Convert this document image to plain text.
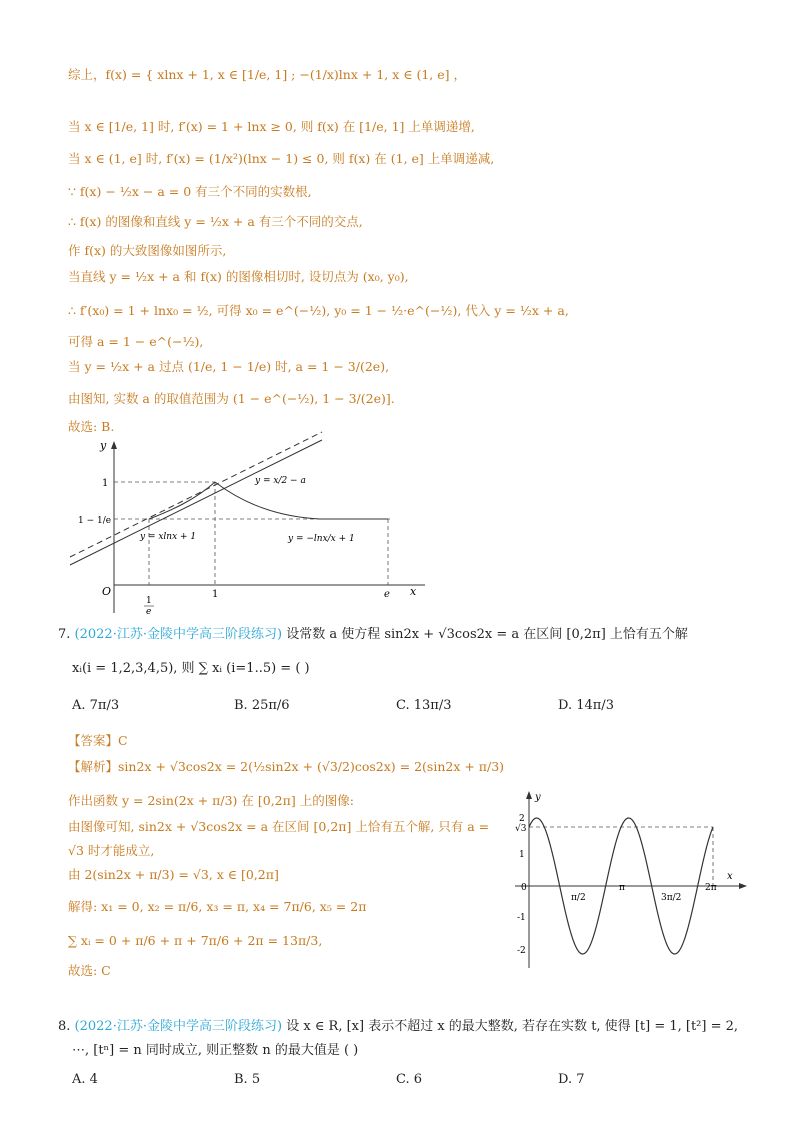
综上，f(x) = { xlnx + 1, x ∈ [1/e, 1] ; −(1/x)lnx + 1, x ∈ (1, e] ，
当 x ∈ [1/e, 1] 时, f′(x) = 1 + lnx ≥ 0, 则 f(x) 在 [1/e, 1] 上单调递增,
当 x ∈ (1, e] 时, f′(x) = (1/x²)(lnx − 1) ≤ 0, 则 f(x) 在 (1, e] 上单调递减,
∵ f(x) − ½x − a = 0 有三个不同的实数根,
∴ f(x) 的图像和直线 y = ½x + a 有三个不同的交点,
作 f(x) 的大致图像如图所示,
当直线 y = ½x + a 和 f(x) 的图像相切时, 设切点为 (x₀, y₀),
∴ f′(x₀) = 1 + lnx₀ = ½, 可得 x₀ = e^(−½), y₀ = 1 − ½·e^(−½), 代入 y = ½x + a,
可得 a = 1 − e^(−½),
当 y = ½x + a 过点 (1/e, 1 − 1/e) 时, a = 1 − 3/(2e),
由图知, 实数 a 的取值范围为 (1 − e^(−½), 1 − 3/(2e)].
故选: B.
y
x
O
1
1 − 1/e
1
e
1	e
y = x/2 − a
y = xlnx + 1	y = −lnx/x + 1
7. (2022·江苏·金陵中学高三阶段练习) 设常数 a 使方程 sin2x + √3cos2x = a 在区间 [0,2π] 上恰有五个解
xᵢ(i = 1,2,3,4,5), 则 ∑ xᵢ (i=1..5) = ( )
A. 7π/3	B. 25π/6	C. 13π/3	D. 14π/3
【答案】C
【解析】sin2x + √3cos2x = 2(½sin2x + (√3/2)cos2x) = 2(sin2x + π/3)
作出函数 y = 2sin(2x + π/3) 在 [0,2π] 上的图像:
由图像可知, sin2x + √3cos2x = a 在区间 [0,2π] 上恰有五个解, 只有 a =
√3 时才能成立,
由 2(sin2x + π/3) = √3, x ∈ [0,2π]
解得: x₁ = 0, x₂ = π/6, x₃ = π, x₄ = 7π/6, x₅ = 2π
∑ xᵢ = 0 + π/6 + π + 7π/6 + 2π = 13π/3,
故选: C
y
x
0
2
√3
1
-1
-2
π/2
π
3π/2
2π
8. (2022·江苏·金陵中学高三阶段练习) 设 x ∈ R, [x] 表示不超过 x 的最大整数, 若存在实数 t, 使得 [t] = 1, [t²] = 2,
⋯, [tⁿ] = n 同时成立, 则正整数 n 的最大值是 ( )
A. 4	B. 5	C. 6	D. 7
